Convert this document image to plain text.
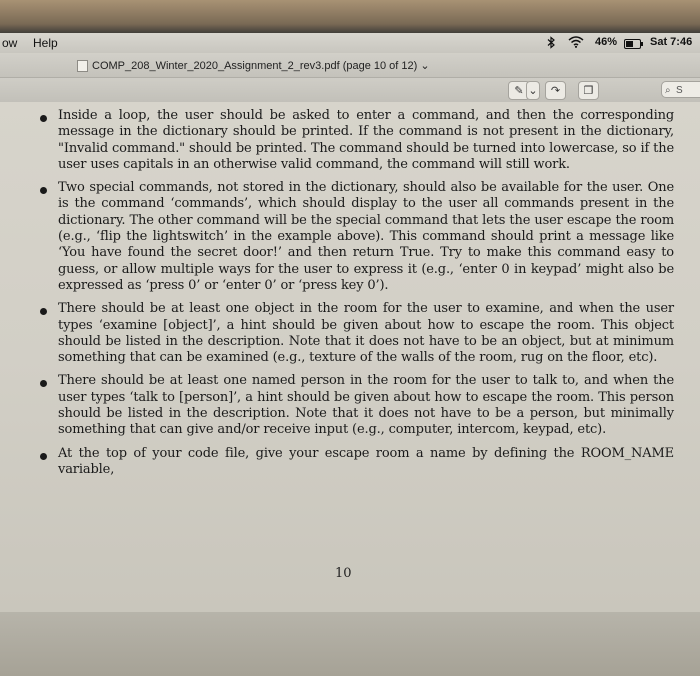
ow Help	46%	Sat 7:46
COMP_208_Winter_2020_Assignment_2_rev3.pdf (page 10 of 12) ⌄
✎ ⌄	↷	❐	⌕ S
Inside a loop, the user should be asked to enter a command, and then the corresponding message in the dictionary should be printed. If the command is not present in the dictionary, "Invalid command." should be printed. The command should be turned into lowercase, so if the user uses capitals in an otherwise valid command, the command will still work.
Two special commands, not stored in the dictionary, should also be available for the user. One is the command ‘commands’, which should display to the user all commands present in the dictionary. The other command will be the special command that lets the user escape the room (e.g., ‘flip the lightswitch’ in the example above). This command should print a message like ‘You have found the secret door!’ and then return True. Try to make this command easy to guess, or allow multiple ways for the user to express it (e.g., ‘enter 0 in keypad’ might also be expressed as ‘press 0’ or ‘enter 0’ or ‘press key 0’).
There should be at least one object in the room for the user to examine, and when the user types ‘examine [object]’, a hint should be given about how to escape the room. This object should be listed in the description. Note that it does not have to be an object, but at minimum something that can be examined (e.g., texture of the walls of the room, rug on the floor, etc).
There should be at least one named person in the room for the user to talk to, and when the user types ‘talk to [person]’, a hint should be given about how to escape the room. This person should be listed in the description. Note that it does not have to be a person, but minimally something that can give and/or receive input (e.g., computer, intercom, keypad, etc).
At the top of your code file, give your escape room a name by defining the ROOM_NAME variable,
10
